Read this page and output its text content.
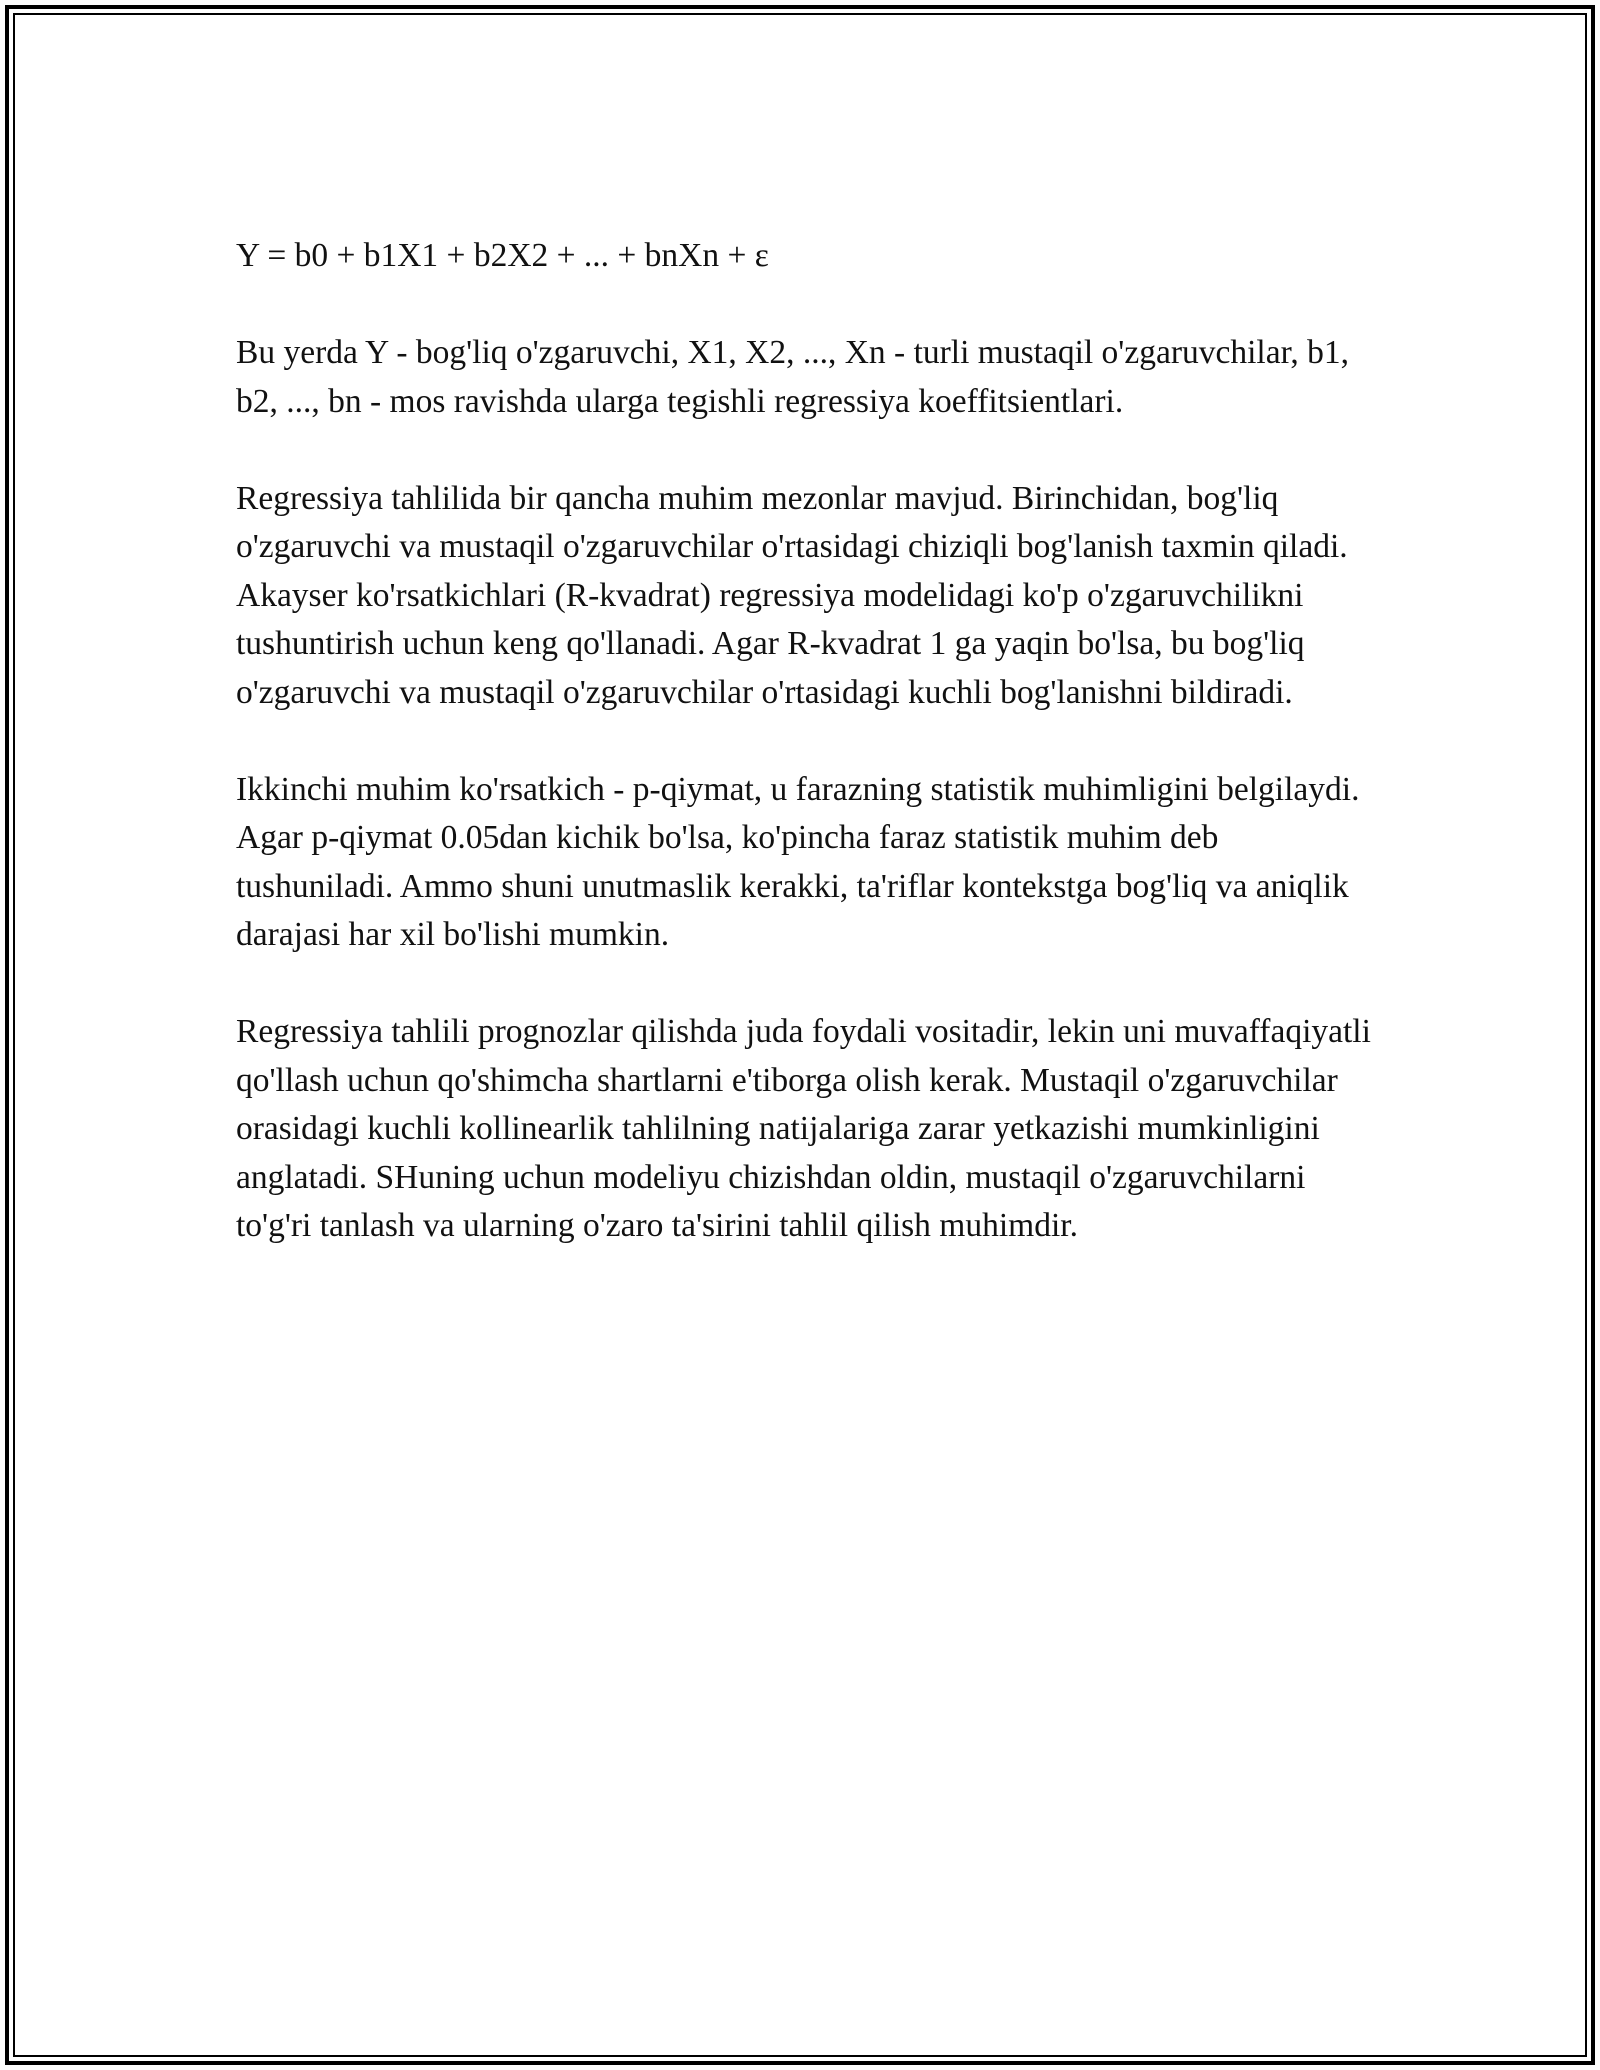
Y = b0 + b1X1 + b2X2 + ... + bnXn + ε

Bu yerda Y - bog'liq o'zgaruvchi, X1, X2, ..., Xn - turli mustaqil o'zgaruvchilar, b1, b2, ..., bn - mos ravishda ularga tegishli regressiya koeffitsientlari.

Regressiya tahlilida bir qancha muhim mezonlar mavjud. Birinchidan, bog'liq o'zgaruvchi va mustaqil o'zgaruvchilar o'rtasidagi chiziqli bog'lanish taxmin qiladi. Akayser ko'rsatkichlari (R-kvadrat) regressiya modelidagi ko'p o'zgaruvchilikni tushuntirish uchun keng qo'llanadi. Agar R-kvadrat 1 ga yaqin bo'lsa, bu bog'liq o'zgaruvchi va mustaqil o'zgaruvchilar o'rtasidagi kuchli bog'lanishni bildiradi.

Ikkinchi muhim ko'rsatkich - p-qiymat, u farazning statistik muhimligini belgilaydi. Agar p-qiymat 0.05dan kichik bo'lsa, ko'pincha faraz statistik muhim deb tushuniladi. Ammo shuni unutmaslik kerakki, ta'riflar kontekstga bog'liq va aniqlik darajasi har xil bo'lishi mumkin.

Regressiya tahlili prognozlar qilishda juda foydali vositadir, lekin uni muvaffaqiyatli qo'llash uchun qo'shimcha shartlarni e'tiborga olish kerak. Mustaqil o'zgaruvchilar orasidagi kuchli kollinearlik tahlilning natijalariga zarar yetkazishi mumkinligini anglatadi. SHuning uchun modeliyu chizishdan oldin, mustaqil o'zgaruvchilarni to'g'ri tanlash va ularning o'zaro ta'sirini tahlil qilish muhimdir.
